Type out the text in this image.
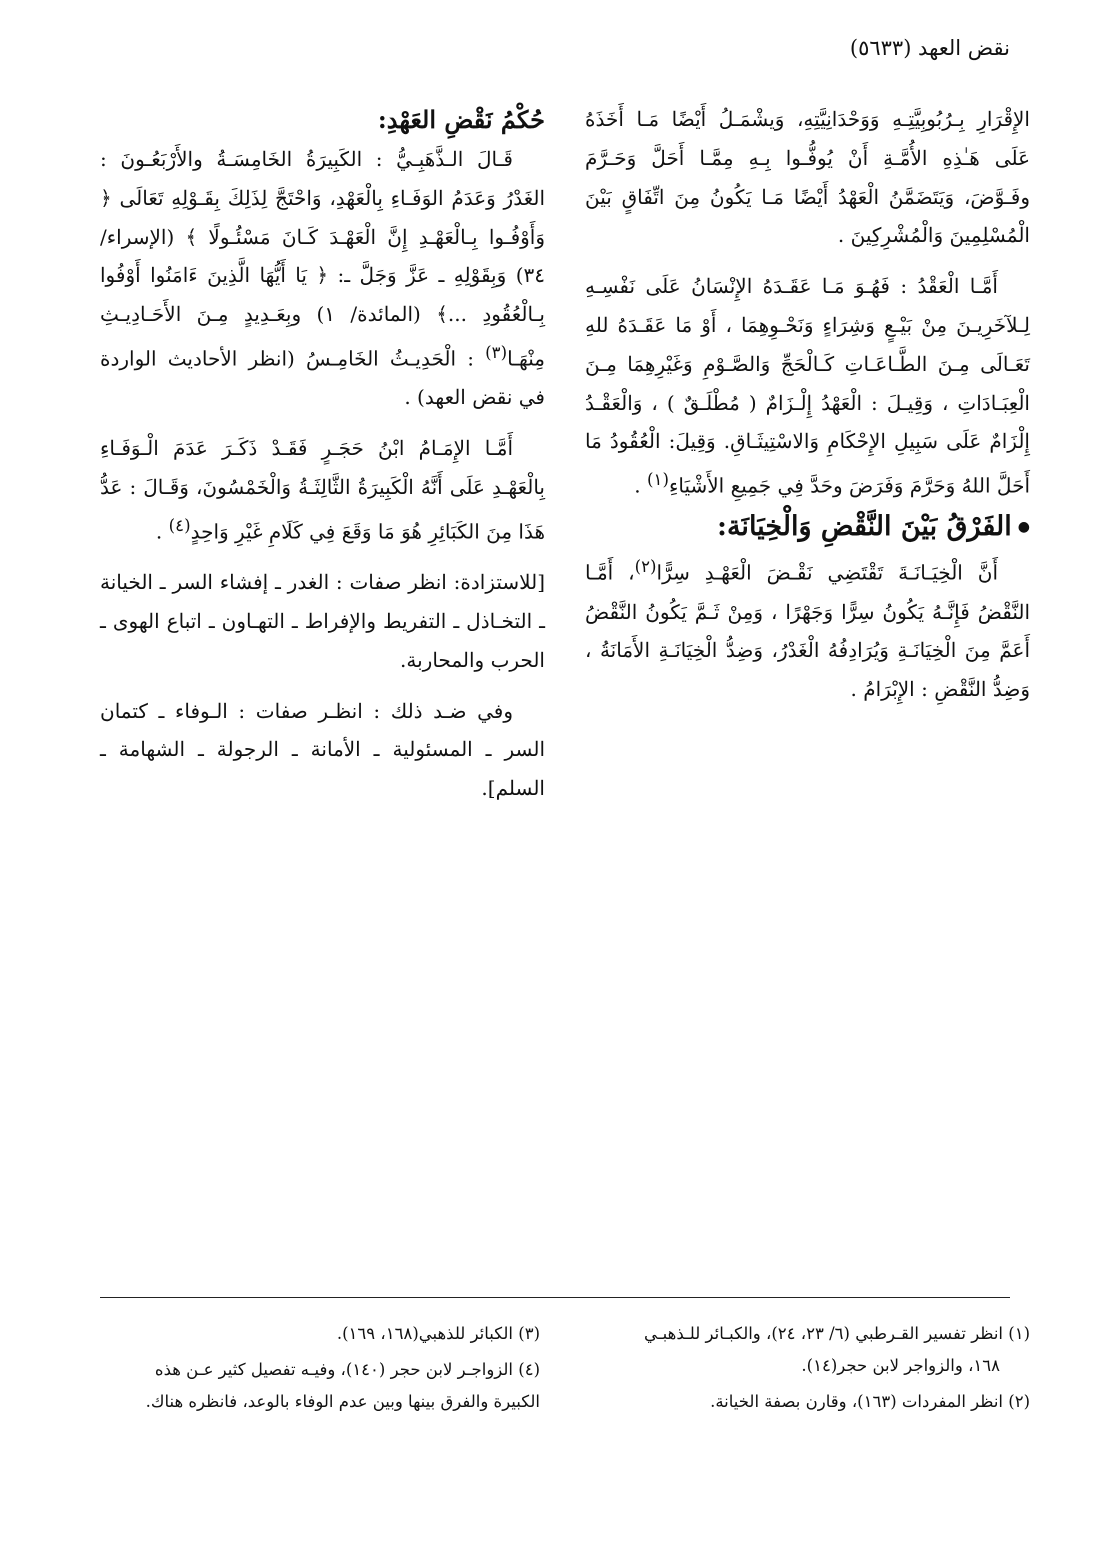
نقض العهد (٥٦٣٣)

الإِقْرَارِ بِـرُبُوبِيَّتِـهِ وَوَحْدَانِيَّتِهِ، وَيشْمَـلُ أَيْضًا مَـا أَخَذَهُ عَلَى هَـٰذِهِ الأُمَّـةِ أَنْ يُوفُّـوا بِـهِ مِمَّـا أَحَلَّ وَحَـرَّمَ وفَـوَّضَ، وَيَتَضَمَّنُ الْعَهْدُ أَيْضًا مَـا يَكُونُ مِنَ اتِّفَاقٍ بَيْنَ الْمُسْلِمِينَ وَالْمُشْرِكِينَ .

أَمَّـا الْعَقْدُ : فَهُـوَ مَـا عَقَـدَهُ الإِنْسَانُ عَلَى نَفْسِـهِ لِـلآخَرِيـنَ مِنْ بَيْـعٍ وَشِرَاءٍ وَنَحْـوِهِمَا ، أَوْ مَا عَقَـدَهُ للهِ تَعَـالَى مِـنَ الطَّـاعَـاتِ كَـالْحَجِّ وَالصَّـوْمِ وَغَيْرِهِمَا مِـنَ الْعِبَـادَاتِ ، وَقِيـلَ : الْعَهْدُ إِلْـزَامٌ ( مُطْلَـقٌ ) ، وَالْعَقْـدُ إِلْزَامٌ عَلَى سَبِيلِ الإِحْكَامِ وَالاسْتِيثَـاقِ. وَقِيلَ: الْعُقُودُ مَا أَحَلَّ اللهُ وَحَرَّمَ وَفَرَضَ وحَدَّ فِي جَمِيعِ الأَشْيَاءِ$^{(١)}$ .

●الفَرْقُ بَيْنَ النَّقْضِ وَالْخِيَانَة:

أَنَّ الْخِيَـانَـةَ تَقْتَضِي نَقْـضَ الْعَهْـدِ سِرًّا$^{(٢)}$، أَمَّـا النَّقْضُ فَإِنَّـهُ يَكُونُ سِرًّا وَجَهْرًا ، وَمِنْ ثَـمَّ يَكُونُ النَّقْضُ أَعَمَّ مِنَ الْخِيَانَـةِ وَيُرَادِفُهُ الْغَدْرُ، وَضِدُّ الْخِيَانَـةِ الأَمَانَةُ ، وَضِدُّ النَّقْضِ : الإِبْرَامُ .

حُكْمُ نَقْضِ العَهْدِ:

قَـالَ الـذَّهَبِـيُّ : الكَبِيرَةُ الخَامِسَـةُ والأَرْبَعُـونَ : الغَدْرُ وَعَدَمُ الوَفَـاءِ بِالْعَهْدِ، وَاحْتَجَّ لِذَلِكَ بِقَـوْلِهِ تَعَالَى ﴿ وَأَوْفُـوا بِـالْعَهْـدِ إِنَّ الْعَهْـدَ كَـانَ مَسْئُـولًا ﴾ (الإسراء/ ٣٤) وَبِقَوْلِهِ ـ عَزَّ وَجَلَّ ـ: ﴿ يَا أَيُّهَا الَّذِينَ ءَامَنُوا أَوْفُوا بِـالْعُقُودِ ...﴾ (المائدة/ ١) وبِعَـدِيدٍ مِـنَ الأَحَـادِيـثِ مِنْهَـا$^{(٣)}$ : الْحَدِيـثُ الخَامِـسُ (انظر الأحاديث الواردة في نقض العهد) .

أَمَّـا الإِمَـامُ ابْنُ حَجَـرٍ فَقَـدْ ذَكَـرَ عَدَمَ الْـوَفَـاءِ بِالْعَهْـدِ عَلَى أَنَّهُ الْكَبِيرَةُ الثَّالِثَـةُ وَالْخَمْسُونَ، وَقَـالَ : عَدُّ هَذَا مِنَ الكَبَائِرِ هُوَ مَا وَقَعَ فِي كَلَامِ غَيْرِ وَاحِدٍ$^{(٤)}$ .

[للاستزادة: انظر صفات : الغدر ـ إفشاء السر ـ الخيانة ـ التخـاذل ـ التفريط والإفراط ـ التهـاون ـ اتباع الهوى ـ الحرب والمحاربة.

وفي ضـد ذلك : انظـر صفات : الـوفاء ـ كتمان السر ـ المسئولية ـ الأمانة ـ الرجولة ـ الشهامة ـ السلم].

(١) انظر تفسير القـرطبي (٦/ ٢٣، ٢٤)، والكبـائر للـذهبـي
١٦٨، والزواجر لابن حجر(١٤).

(٢) انظر المفردات (١٦٣)، وقارن بصفة الخيانة.

(٣) الكبائر للذهبي(١٦٨، ١٦٩).

(٤) الزواجـر لابن حجر (١٤٠)، وفيـه تفصيل كثير عـن هذه
الكبيرة والفرق بينها وبين عدم الوفاء بالوعد، فانظره هناك.
